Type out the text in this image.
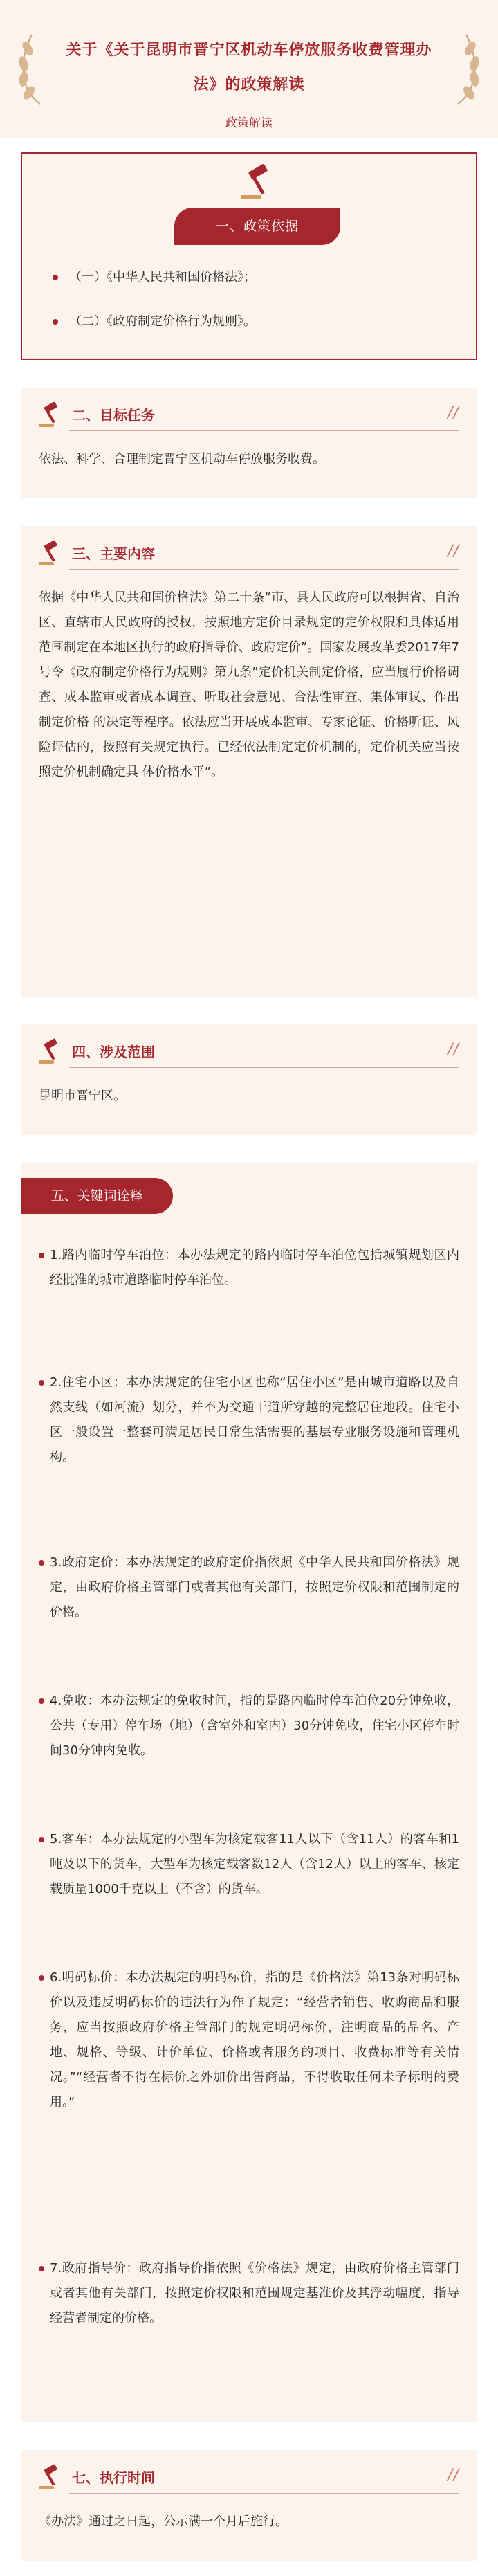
关于《关于昆明市晋宁区机动车停放服务收费管理办法》的政策解读
政策解读
一、政策依据
（一）《中华人民共和国价格法》；
（二）《政府制定价格行为规则》。
二、目标任务	//
依法、科学、合理制定晋宁区机动车停放服务收费。
三、主要内容	//
依据《中华人民共和国价格法》第二十条“市、县人民政府可以根据省、自治区、直辖市人民政府的授权，按照地方定价目录规定的定价权限和具体适用范围制定在本地区执行的政府指导价、政府定价”。国家发展改革委2017年7号令《政府制定价格行为规则》第九条”定价机关制定价格，应当履行价格调查、成本监审或者成本调查、听取社会意见、合法性审查、集体审议、作出制定价格 的决定等程序。依法应当开展成本监审、专家论证、价格听证、风险评估的，按照有关规定执行。已经依法制定定价机制的，定价机关应当按照定价机制确定具 体价格水平”。
四、涉及范围	//
昆明市晋宁区。
五、关键词诠释
1.路内临时停车泊位：本办法规定的路内临时停车泊位包括城镇规划区内经批准的城市道路临时停车泊位。
2.住宅小区：本办法规定的住宅小区也称“居住小区”是由城市道路以及自然支线（如河流）划分，并不为交通干道所穿越的完整居住地段。住宅小区一般设置一整套可满足居民日常生活需要的基层专业服务设施和管理机构。
3.政府定价：本办法规定的政府定价指依照《中华人民共和国价格法》规定，由政府价格主管部门或者其他有关部门，按照定价权限和范围制定的价格。
4.免收：本办法规定的免收时间，指的是路内临时停车泊位20分钟免收，公共（专用）停车场（地）（含室外和室内）30分钟免收，住宅小区停车时间30分钟内免收。
5.客车：本办法规定的小型车为核定载客11人以下（含11人）的客车和1吨及以下的货车，大型车为核定载客数12人（含12人）以上的客车、核定载质量1000千克以上（不含）的货车。
6.明码标价：本办法规定的明码标价，指的是《价格法》第13条对明码标价以及违反明码标价的违法行为作了规定：“经营者销售、收购商品和服务，应当按照政府价格主管部门的规定明码标价，注明商品的品名、产地、规格、等级、计价单位、价格或者服务的项目、收费标准等有关情况。”“经营者不得在标价之外加价出售商品，不得收取任何未予标明的费用。”
7.政府指导价：政府指导价指依照《价格法》规定，由政府价格主管部门或者其他有关部门，按照定价权限和范围规定基准价及其浮动幅度，指导经营者制定的价格。
七、执行时间	//
《办法》通过之日起，公示满一个月后施行。
